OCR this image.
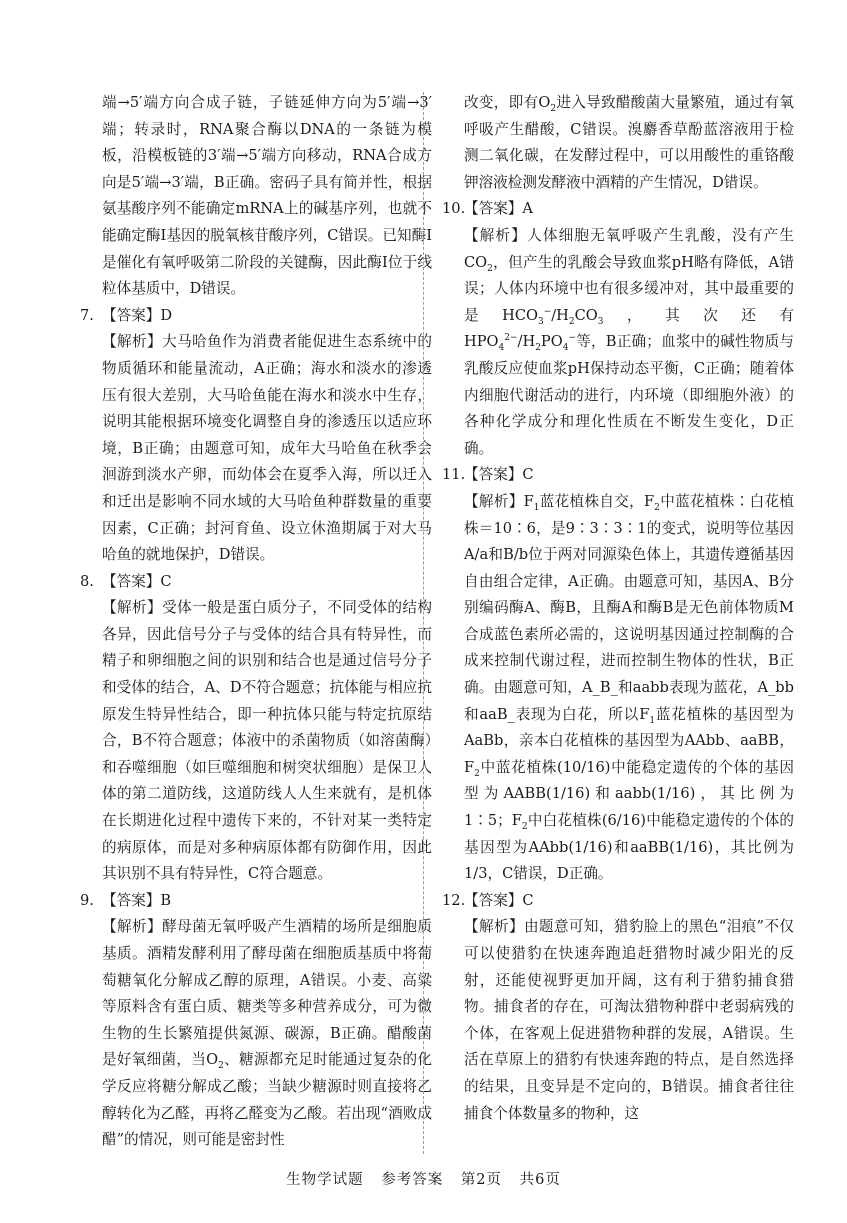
端→5′端方向合成子链，子链延伸方向为5′端→3′端；转录时，RNA聚合酶以DNA的一条链为模板，沿模板链的3′端→5′端方向移动，RNA合成方向是5′端→3′端，B正确。密码子具有简并性，根据氨基酸序列不能确定mRNA上的碱基序列，也就不能确定酶Ⅰ基因的脱氧核苷酸序列，C错误。已知酶Ⅰ是催化有氧呼吸第二阶段的关键酶，因此酶Ⅰ位于线粒体基质中，D错误。

7. 【答案】D
【解析】大马哈鱼作为消费者能促进生态系统中的物质循环和能量流动，A正确；海水和淡水的渗透压有很大差别，大马哈鱼能在海水和淡水中生存，说明其能根据环境变化调整自身的渗透压以适应环境，B正确；由题意可知，成年大马哈鱼在秋季会洄游到淡水产卵，而幼体会在夏季入海，所以迁入和迁出是影响不同水域的大马哈鱼种群数量的重要因素，C正确；封河育鱼、设立休渔期属于对大马哈鱼的就地保护，D错误。
8. 【答案】C
【解析】受体一般是蛋白质分子，不同受体的结构各异，因此信号分子与受体的结合具有特异性，而精子和卵细胞之间的识别和结合也是通过信号分子和受体的结合，A、D不符合题意；抗体能与相应抗原发生特异性结合，即一种抗体只能与特定抗原结合，B不符合题意；体液中的杀菌物质（如溶菌酶）和吞噬细胞（如巨噬细胞和树突状细胞）是保卫人体的第二道防线，这道防线人人生来就有，是机体在长期进化过程中遗传下来的，不针对某一类特定的病原体，而是对多种病原体都有防御作用，因此其识别不具有特异性，C符合题意。
9. 【答案】B
【解析】酵母菌无氧呼吸产生酒精的场所是细胞质基质。酒精发酵利用了酵母菌在细胞质基质中将葡萄糖氧化分解成乙醇的原理，A错误。小麦、高粱等原料含有蛋白质、糖类等多种营养成分，可为微生物的生长繁殖提供氮源、碳源，B正确。醋酸菌是好氧细菌，当$O_2$、糖源都充足时能通过复杂的化学反应将糖分解成乙酸；当缺少糖源时则直接将乙醇转化为乙醛，再将乙醛变为乙酸。若出现“酒败成醋”的情况，则可能是密封性

改变，即有$O_2$进入导致醋酸菌大量繁殖，通过有氧呼吸产生醋酸，C错误。溴麝香草酚蓝溶液用于检测二氧化碳，在发酵过程中，可以用酸性的重铬酸钾溶液检测发酵液中酒精的产生情况，D错误。

10.
【答案】A
【解析】人体细胞无氧呼吸产生乳酸，没有产生$CO_2$，但产生的乳酸会导致血浆pH略有降低，A错误；人体内环境中也有很多缓冲对，其中最重要的是$HCO_3^-/H_2CO_3$，其次还有$HPO_4^{2-}/H_2PO_4^-$等，B正确；血浆中的碱性物质与乳酸反应使血浆pH保持动态平衡，C正确；随着体内细胞代谢活动的进行，内环境（即细胞外液）的各种化学成分和理化性质在不断发生变化，D正确。
11.
【答案】C
【解析】$F_1$蓝花植株自交，$F_2$中蓝花植株∶白花植株＝10∶6，是9∶3∶3∶1的变式，说明等位基因A/a和B/b位于两对同源染色体上，其遗传遵循基因自由组合定律，A正确。由题意可知，基因A、B分别编码酶A、酶B，且酶A和酶B是无色前体物质M合成蓝色素所必需的，这说明基因通过控制酶的合成来控制代谢过程，进而控制生物体的性状，B正确。由题意可知，A_B_和aabb表现为蓝花，A_bb和aaB_表现为白花，所以$F_1$蓝花植株的基因型为AaBb，亲本白花植株的基因型为AAbb、aaBB，$F_2$中蓝花植株(10/16)中能稳定遗传的个体的基因型为AABB(1/16)和aabb(1/16)，其比例为1∶5；$F_2$中白花植株(6/16)中能稳定遗传的个体的基因型为AAbb(1/16)和aaBB(1/16)，其比例为1/3，C错误，D正确。
12.
【答案】C
【解析】由题意可知，猎豹脸上的黑色“泪痕”不仅可以使猎豹在快速奔跑追赶猎物时减少阳光的反射，还能使视野更加开阔，这有利于猎豹捕食猎物。捕食者的存在，可淘汰猎物种群中老弱病残的个体，在客观上促进猎物种群的发展，A错误。生活在草原上的猎豹有快速奔跑的特点，是自然选择的结果，且变异是不定向的，B错误。捕食者往往捕食个体数量多的物种，这
生物学试题 参考答案 第2页 共6页
